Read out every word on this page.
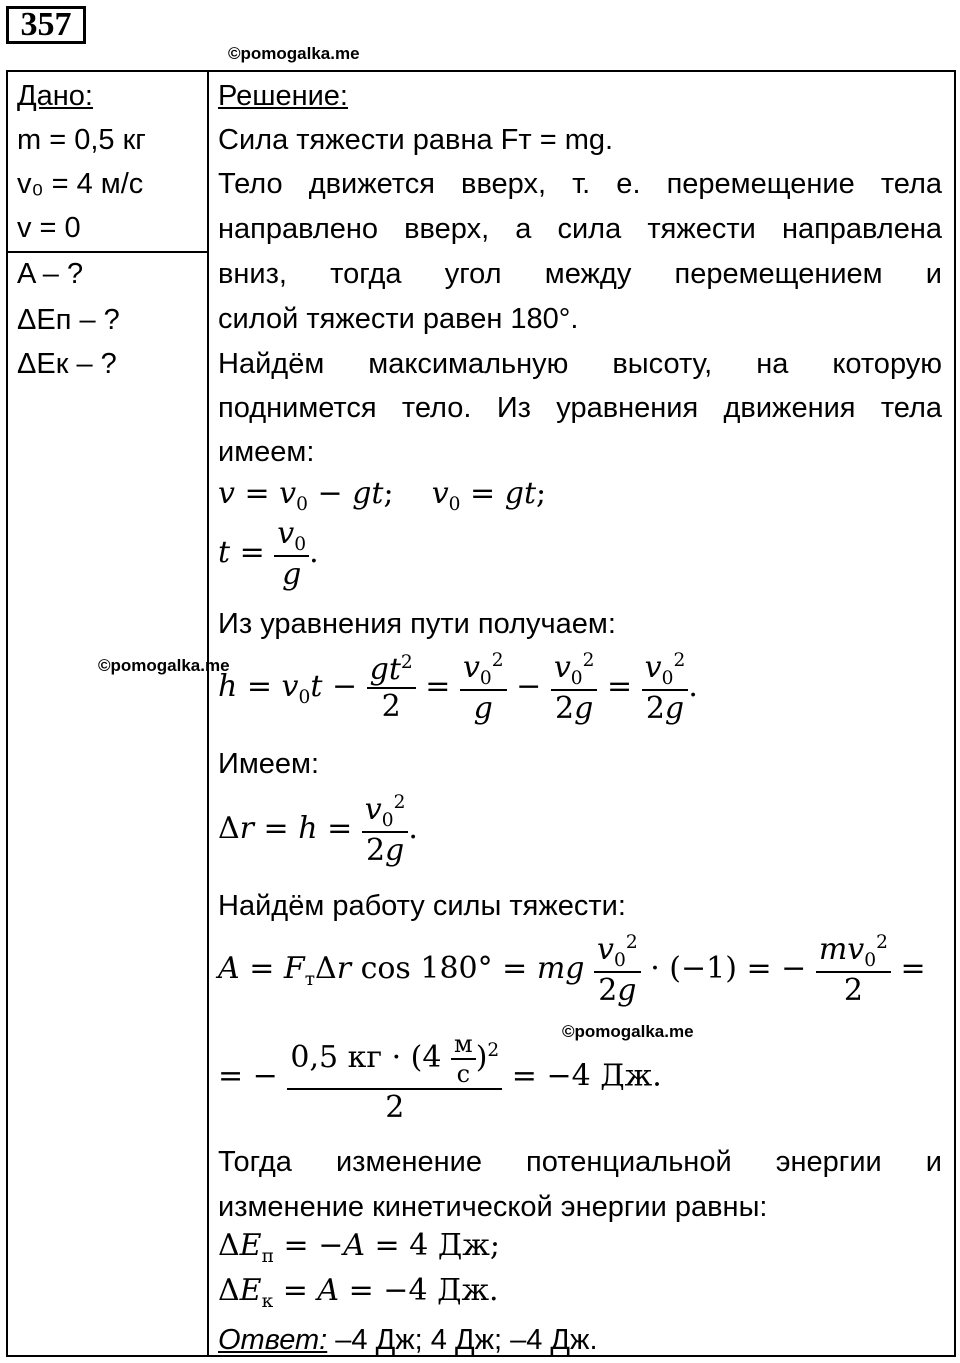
357
©pomogalka.me
Дано:
m = 0,5 кг
v₀ = 4 м/с
v = 0
A – ?
ΔEп – ?
ΔEк – ?
Решение:
Сила тяжести равна Fт = mg.
Тело движется вверх, т. е. перемещение тела
направлено вверх, а сила тяжести направлена
вниз, тогда угол между перемещением и
силой тяжести равен 180°.
Найдём максимальную высоту, на которую
поднимется тело. Из уравнения движения тела
имеем:
$v = v_0$ − gt;    $v_0$ = gt;
$t = \frac{v_0}{g}$ .
Из уравнения пути получаем:
©pomogalka.me
$h = v_0t - \frac{gt^2}{2} = \frac{v_0^2}{g} - \frac{v_0^2}{2g} = \frac{v_0^2}{2g}$ .
Имеем:
$\Delta r = h = \frac{v_0^2}{2g}$ .
Найдём работу силы тяжести:
$A = F_т\Delta r$ cos 180° = mg $\frac{v_0^2}{2g} \cdot (-1)$ = − $\frac{mv_0^2}{2}$ =
©pomogalka.me
= − $\frac{0,5 кг \cdot (4 \frac{м}{с} )^2}{2} = -4$ Дж.
Тогда изменение потенциальной энергии и
изменение кинетической энергии равны:
$\Delta E_п = -A = 4$ Дж;
$\Delta E_к = A = -4$ Дж.
Ответ: –4 Дж; 4 Дж; –4 Дж.
